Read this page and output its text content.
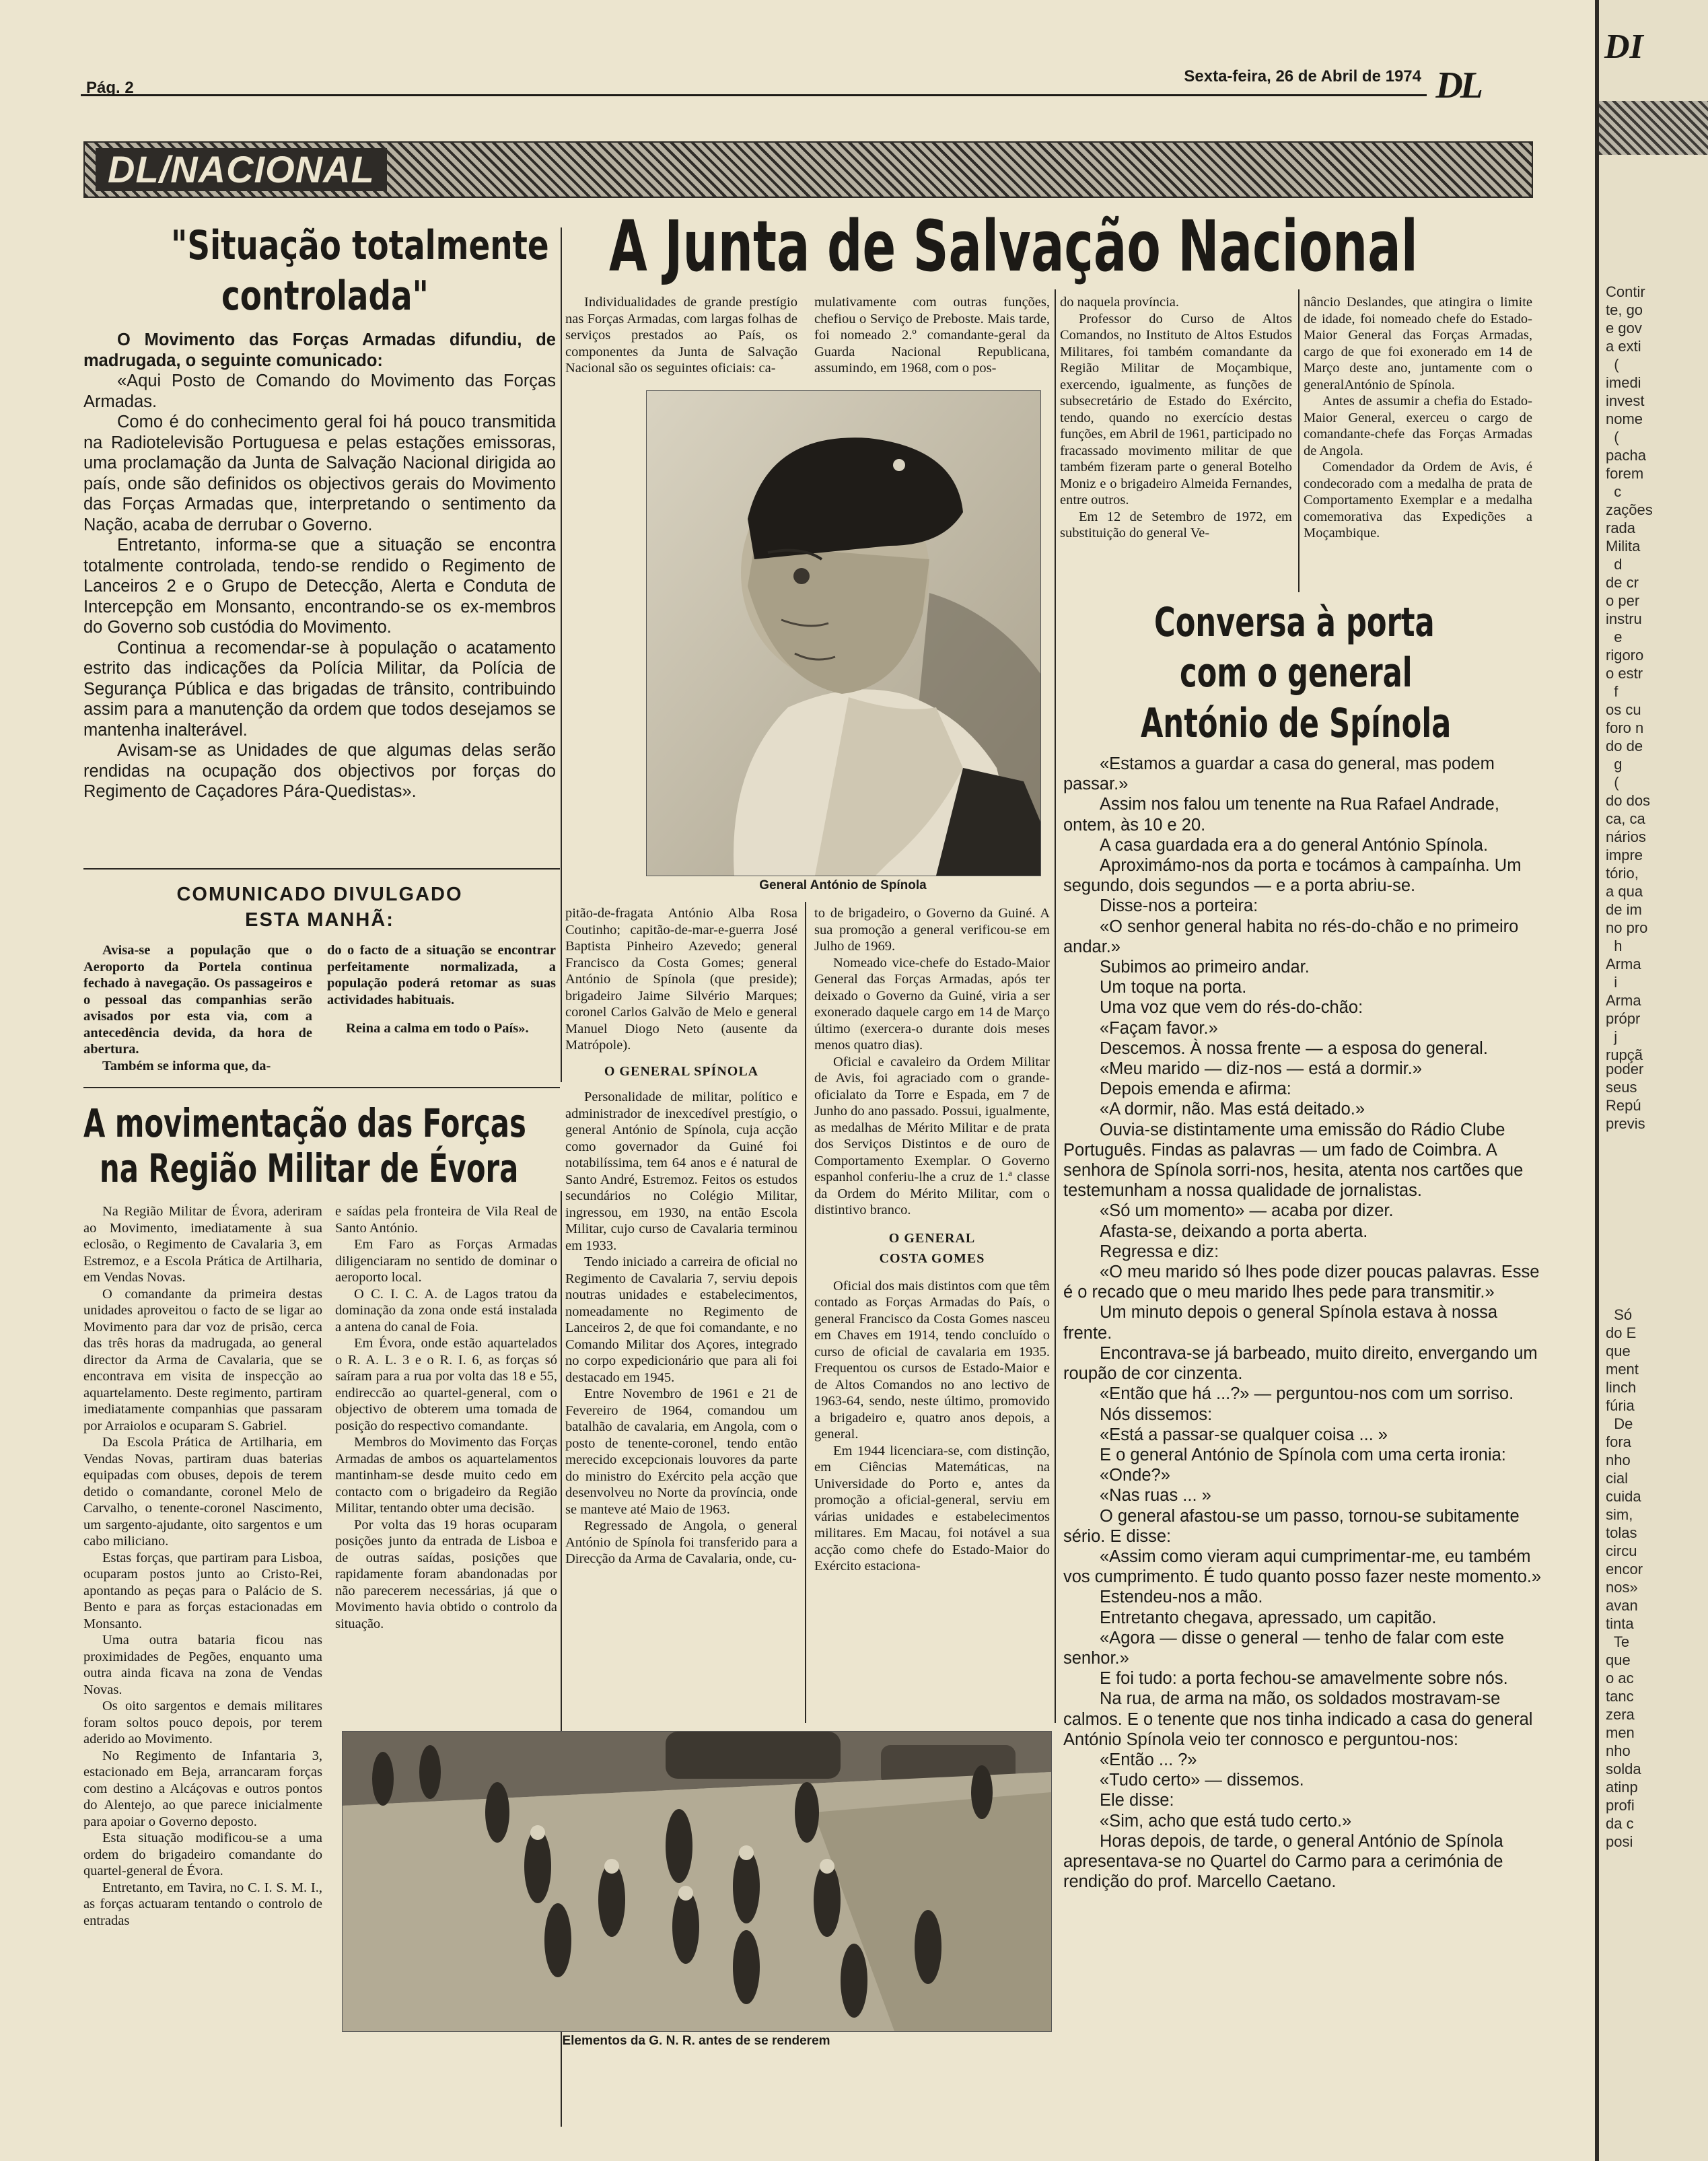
Pág. 2
Sexta-feira, 26 de Abril de 1974 DL
DL/NACIONAL
"Situação totalmente
controlada"

O Movimento das Forças Armadas difundiu, de madrugada, o seguinte comunicado:

«Aqui Posto de Comando do Movimento das Forças Armadas.

Como é do conhecimento geral foi há pouco transmitida na Radiotelevisão Portuguesa e pelas estações emissoras, uma proclamação da Junta de Salvação Nacional dirigida ao país, onde são definidos os objectivos gerais do Movimento das Forças Armadas que, interpretando o sentimento da Nação, acaba de derrubar o Governo.

Entretanto, informa-se que a situação se encontra totalmente controlada, tendo-se rendido o Regimento de Lanceiros 2 e o Grupo de Detecção, Alerta e Conduta de Intercepção em Monsanto, encontrando-se os ex-membros do Governo sob custódia do Movimento.

Continua a recomendar-se à população o acatamento estrito das indicações da Polícia Militar, da Polícia de Segurança Pública e das brigadas de trânsito, contribuindo assim para a manutenção da ordem que todos desejamos se mantenha inalterável.

Avisam-se as Unidades de que algumas delas serão rendidas na ocupação dos objectivos por forças do Regimento de Caçadores Pára-Quedistas».

COMUNICADO DIVULGADO
ESTA MANHÃ:

Avisa-se a população que o Aeroporto da Portela continua fechado à navegação. Os passageiros e o pessoal das companhias serão avisados por esta via, com a antecedência devida, da hora de abertura.

Também se informa que, da-

do o facto de a situação se encontrar perfeitamente normalizada, a população poderá retomar as suas actividades habituais.

Reina a calma em todo o País».

A movimentação das Forças
na Região Militar de Évora

Na Região Militar de Évora, aderiram ao Movimento, imediatamente à sua eclosão, o Regimento de Cavalaria 3, em Estremoz, e a Escola Prática de Artilharia, em Vendas Novas.

O comandante da primeira destas unidades aproveitou o facto de se ligar ao Movimento para dar voz de prisão, cerca das três horas da madrugada, ao general director da Arma de Cavalaria, que se encontrava em visita de inspecção ao aquartelamento. Deste regimento, partiram imediatamente companhias que passaram por Arraiolos e ocuparam S. Gabriel.

Da Escola Prática de Artilharia, em Vendas Novas, partiram duas baterias equipadas com obuses, depois de terem detido o comandante, coronel Melo de Carvalho, o tenente-coronel Nascimento, um sargento-ajudante, oito sargentos e um cabo miliciano.

Estas forças, que partiram para Lisboa, ocuparam postos junto ao Cristo-Rei, apontando as peças para o Palácio de S. Bento e para as forças estacionadas em Monsanto.

Uma outra bataria ficou nas proximidades de Pegões, enquanto uma outra ainda ficava na zona de Vendas Novas.

Os oito sargentos e demais militares foram soltos pouco depois, por terem aderido ao Movimento.

No Regimento de Infantaria 3, estacionado em Beja, arrancaram forças com destino a Alcáçovas e outros pontos do Alentejo, ao que parece inicialmente para apoiar o Governo deposto.

Esta situação modificou-se a uma ordem do brigadeiro comandante do quartel-general de Évora.

Entretanto, em Tavira, no C. I. S. M. I., as forças actuaram tentando o controlo de entradas

e saídas pela fronteira de Vila Real de Santo António.

Em Faro as Forças Armadas diligenciaram no sentido de dominar o aeroporto local.

O C. I. C. A. de Lagos tratou da dominação da zona onde está instalada a antena do canal de Foia.

Em Évora, onde estão aquartelados o R. A. L. 3 e o R. I. 6, as forças só saíram para a rua por volta das 18 e 55, endireccão ao quartel-general, com o objectivo de obterem uma tomada de posição do respectivo comandante.

Membros do Movimento das Forças Armadas de ambos os aquartelamentos mantinham-se desde muito cedo em contacto com o brigadeiro da Região Militar, tentando obter uma decisão.

Por volta das 19 horas ocuparam posições junto da entrada de Lisboa e de outras saídas, posições que rapidamente foram abandonadas por não parecerem necessárias, já que o Movimento havia obtido o controlo da situação.

A Junta de Salvação Nacional

Individualidades de grande prestígio nas Forças Armadas, com largas folhas de serviços prestados ao País, os componentes da Junta de Salvação Nacional são os seguintes oficiais: ca-

mulativamente com outras funções, chefiou o Serviço de Preboste. Mais tarde, foi nomeado 2.º comandante-geral da Guarda Nacional Republicana, assumindo, em 1968, com o pos-

General António de Spínola

pitão-de-fragata António Alba Rosa Coutinho; capitão-de-mar-e-guerra José Baptista Pinheiro Azevedo; general Francisco da Costa Gomes; general António de Spínola (que preside); brigadeiro Jaime Silvério Marques; coronel Carlos Galvão de Melo e general Manuel Diogo Neto (ausente da Matrópole).

O GENERAL SPÍNOLA

Personalidade de militar, político e administrador de inexcedível prestígio, o general António de Spínola, cuja acção como governador da Guiné foi notabilíssima, tem 64 anos e é natural de Santo André, Estremoz. Feitos os estudos secundários no Colégio Militar, ingressou, em 1930, na então Escola Militar, cujo curso de Cavalaria terminou em 1933.

Tendo iniciado a carreira de oficial no Regimento de Cavalaria 7, serviu depois noutras unidades e estabelecimentos, nomeadamente no Regimento de Lanceiros 2, de que foi comandante, e no Comando Militar dos Açores, integrado no corpo expedicionário que para ali foi destacado em 1945.

Entre Novembro de 1961 e 21 de Fevereiro de 1964, comandou um batalhão de cavalaria, em Angola, com o posto de tenente-coronel, tendo então merecido excepcionais louvores da parte do ministro do Exército pela acção que desenvolveu no Norte da província, onde se manteve até Maio de 1963.

Regressado de Angola, o general António de Spínola foi transferido para a Direcção da Arma de Cavalaria, onde, cu-

to de brigadeiro, o Governo da Guiné. A sua promoção a general verificou-se em Julho de 1969.

Nomeado vice-chefe do Estado-Maior General das Forças Armadas, após ter deixado o Governo da Guiné, viria a ser exonerado daquele cargo em 14 de Março último (exercera-o durante dois meses menos quatro dias).

Oficial e cavaleiro da Ordem Militar de Avis, foi agraciado com o grande-oficialato da Torre e Espada, em 7 de Junho do ano passado. Possui, igualmente, as medalhas de Mérito Militar e de prata dos Serviços Distintos e de ouro de Comportamento Exemplar. O Governo espanhol conferiu-lhe a cruz de 1.ª classe da Ordem do Mérito Militar, com o distintivo branco.

O GENERAL
COSTA GOMES

Oficial dos mais distintos com que têm contado as Forças Armadas do País, o general Francisco da Costa Gomes nasceu em Chaves em 1914, tendo concluído o curso de oficial de cavalaria em 1935. Frequentou os cursos de Estado-Maior e de Altos Comandos no ano lectivo de 1963-64, sendo, neste último, promovido a brigadeiro e, quatro anos depois, a general.

Em 1944 licenciara-se, com distinção, em Ciências Matemáticas, na Universidade do Porto e, antes da promoção a oficial-general, serviu em várias unidades e estabelecimentos militares. Em Macau, foi notável a sua acção como chefe do Estado-Maior do Exército estaciona-

do naquela província.

Professor do Curso de Altos Comandos, no Instituto de Altos Estudos Militares, foi também comandante da Região Militar de Moçambique, exercendo, igualmente, as funções de subsecretário de Estado do Exército, tendo, quando no exercício destas funções, em Abril de 1961, participado no fracassado movimento militar de que também fizeram parte o general Botelho Moniz e o brigadeiro Almeida Fernandes, entre outros.

Em 12 de Setembro de 1972, em substituição do general Ve-

nâncio Deslandes, que atingira o limite de idade, foi nomeado chefe do Estado-Maior General das Forças Armadas, cargo de que foi exonerado em 14 de Março deste ano, juntamente com o generalAntónio de Spínola.

Antes de assumir a chefia do Estado-Maior General, exerceu o cargo de comandante-chefe das Forças Armadas de Angola.

Comendador da Ordem de Avis, é condecorado com a medalha de prata de Comportamento Exemplar e a medalha comemorativa das Expedições a Moçambique.

Elementos da G. N. R. antes de se renderem
Conversa à porta
com o general
António de Spínola

«Estamos a guardar a casa do general, mas podem passar.»

Assim nos falou um tenente na Rua Rafael Andrade, ontem, às 10 e 20.

A casa guardada era a do general António Spínola.

Aproximámo-nos da porta e tocámos à campaínha. Um segundo, dois segundos — e a porta abriu-se.

Disse-nos a porteira:

«O senhor general habita no rés-do-chão e no primeiro andar.»

Subimos ao primeiro andar.

Um toque na porta.

Uma voz que vem do rés-do-chão:

«Façam favor.»

Descemos. À nossa frente — a esposa do general.

«Meu marido — diz-nos — está a dormir.»

Depois emenda e afirma:

«A dormir, não. Mas está deitado.»

Ouvia-se distintamente uma emissão do Rádio Clube Português. Findas as palavras — um fado de Coimbra. A senhora de Spínola sorri-nos, hesita, atenta nos cartões que testemunham a nossa qualidade de jornalistas.

«Só um momento» — acaba por dizer.

Afasta-se, deixando a porta aberta.

Regressa e diz:

«O meu marido só lhes pode dizer poucas palavras. Esse é o recado que o meu marido lhes pede para transmitir.»

Um minuto depois o general Spínola estava à nossa frente.

Encontrava-se já barbeado, muito direito, envergando um roupão de cor cinzenta.

«Então que há ...?» — perguntou-nos com um sorriso.

Nós dissemos:

«Está a passar-se qualquer coisa ... »

E o general António de Spínola com uma certa ironia:

«Onde?»

«Nas ruas ... »

O general afastou-se um passo, tornou-se subitamente sério. E disse:

«Assim como vieram aqui cumprimentar-me, eu também vos cumprimento. É tudo quanto posso fazer neste momento.»

Estendeu-nos a mão.

Entretanto chegava, apressado, um capitão.

«Agora — disse o general — tenho de falar com este senhor.»

E foi tudo: a porta fechou-se amavelmente sobre nós.

Na rua, de arma na mão, os soldados mostravam-se calmos. E o tenente que nos tinha indicado a casa do general António Spínola veio ter connosco e perguntou-nos:

«Então ... ?»

«Tudo certo» — dissemos.

Ele disse:

«Sim, acho que está tudo certo.»

Horas depois, de tarde, o general António de Spínola apresentava-se no Quartel do Carmo para a cerimónia de rendição do prof. Marcello Caetano.

DI
Contir
te, go
e gov
a exti
(
imedi
invest
nome
(
pacha
forem
c
zações
rada
Milita
d
de cr
o per
instru
e
rigoro
o estr
f
os cu
foro n
do de
g
(
do dos
ca, ca
nários
impre
tório,
a qua
de im
no pro
h
Arma
i
Arma
própr
j
rupçã
poder
seus
Repú
previs
Só
do E
que
ment
linch
fúria
De
fora
nho
cial
cuida
sim,
tolas
circu
encor
nos»
avan
tinta
Te
que
o ac
tanc
zera
men
nho
solda
atinp
profi
da c
posi
